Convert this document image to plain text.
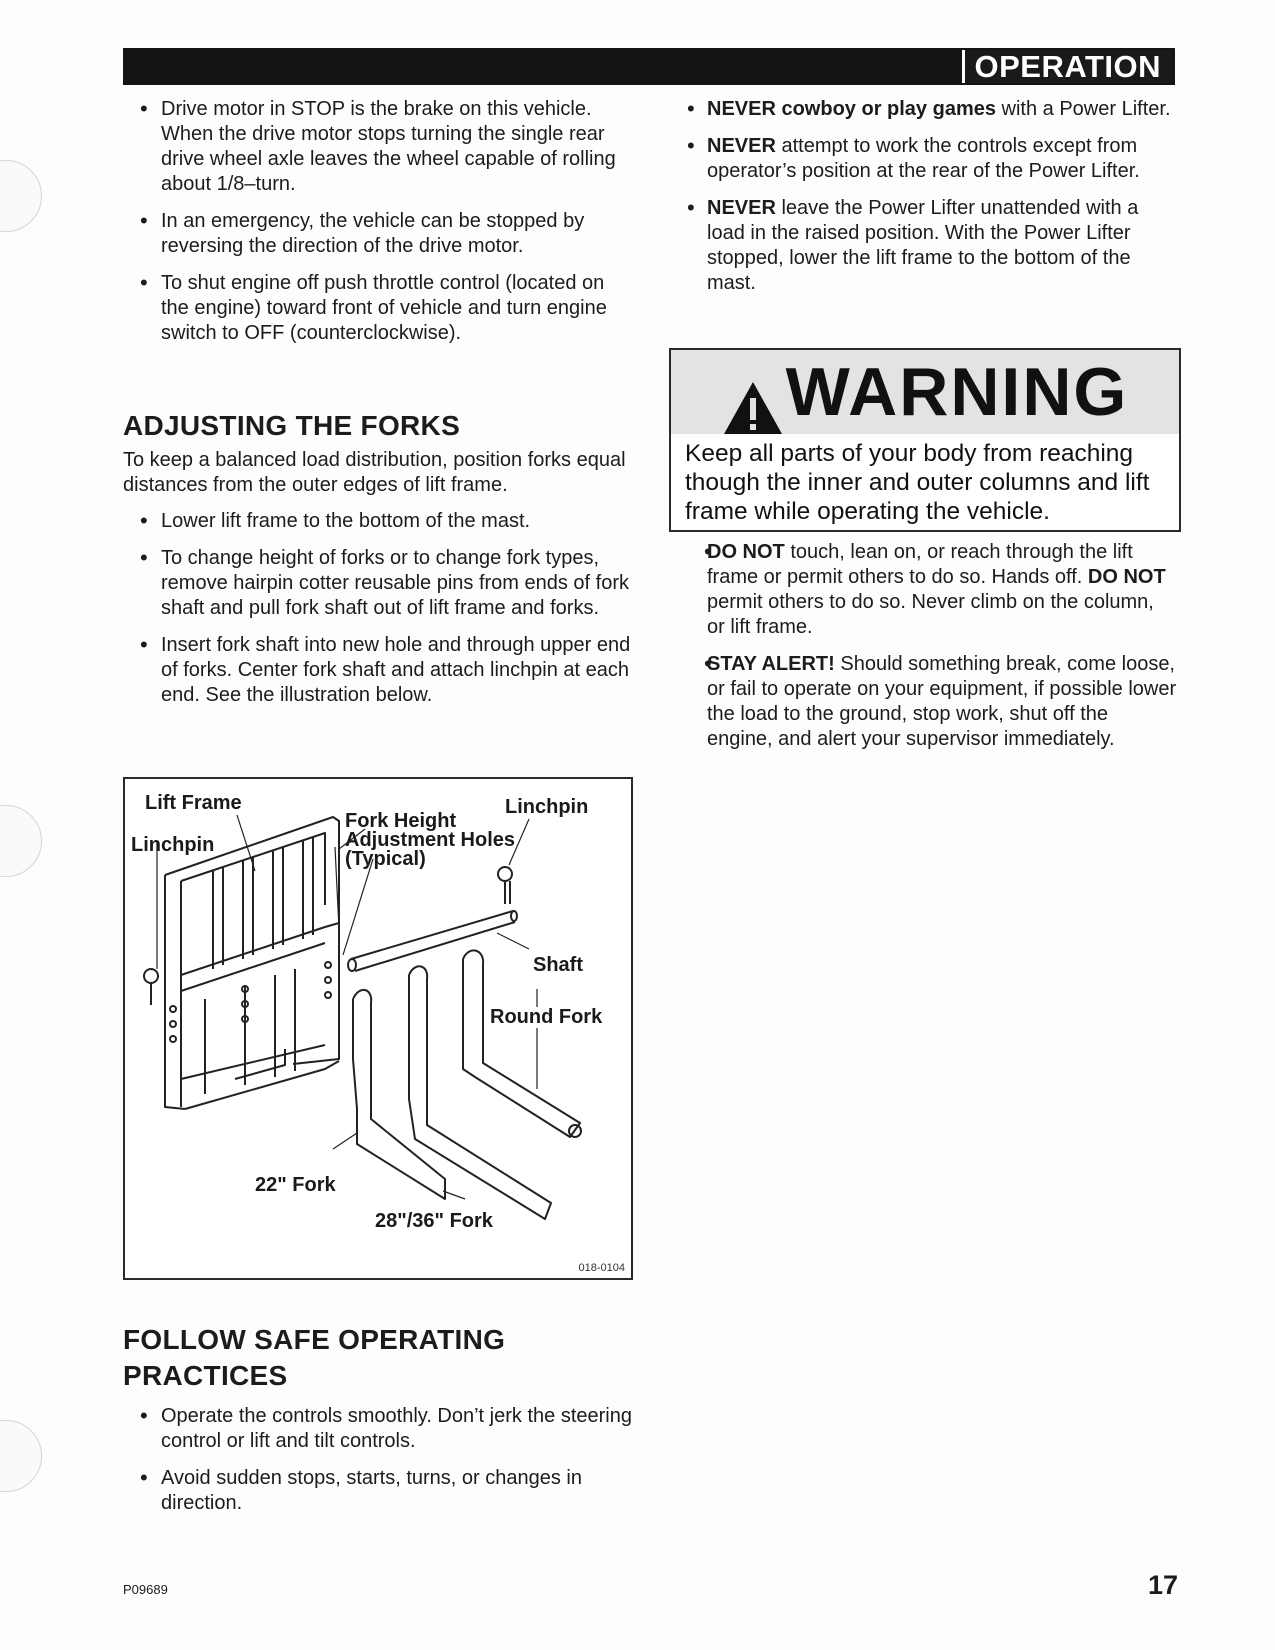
OPERATION
• Drive motor in STOP is the brake on this vehicle. When the drive motor stops turning the single rear drive wheel axle leaves the wheel capable of rolling about 1/8–turn.
• In an emergency, the vehicle can be stopped by reversing the direction of the drive motor.
• To shut engine off push throttle control (located on the engine) toward front of vehicle and turn engine switch to OFF (counterclockwise).
ADJUSTING THE FORKS

To keep a balanced load distribution, position forks equal distances from the outer edges of lift frame.

• Lower lift frame to the bottom of the mast.
• To change height of forks or to change fork types, remove hairpin cotter reusable pins from ends of fork shaft and pull fork shaft out of lift frame and forks.
• Insert fork shaft into new hole and through upper end of forks. Center fork shaft and attach linchpin at each end. See the illustration below.
Lift Frame
Linchpin
Linchpin
Fork Height
Adjustment Holes
(Typical)
Shaft
Round Fork
22" Fork
28"/36" Fork
018-0104
FOLLOW SAFE OPERATING
PRACTICES
• Operate the controls smoothly. Don’t jerk the steering control or lift and tilt controls.
• Avoid sudden stops, starts, turns, or changes in direction.
• NEVER cowboy or play games with a Power Lifter.
• NEVER attempt to work the controls except from operator’s position at the rear of the Power Lifter.
• NEVER leave the Power Lifter unattended with a load in the raised position. With the Power Lifter stopped, lower the lift frame to the bottom of the mast.
WARNING
Keep all parts of your body from reaching though the inner and outer columns and lift frame while operating the vehicle.
• DO NOT touch, lean on, or reach through the lift frame or permit others to do so. Hands off. DO NOT permit others to do so. Never climb on the column, or lift frame.
• STAY ALERT! Should something break, come loose, or fail to operate on your equipment, if possible lower the load to the ground, stop work, shut off the engine, and alert your supervisor immediately.
P09689	17
